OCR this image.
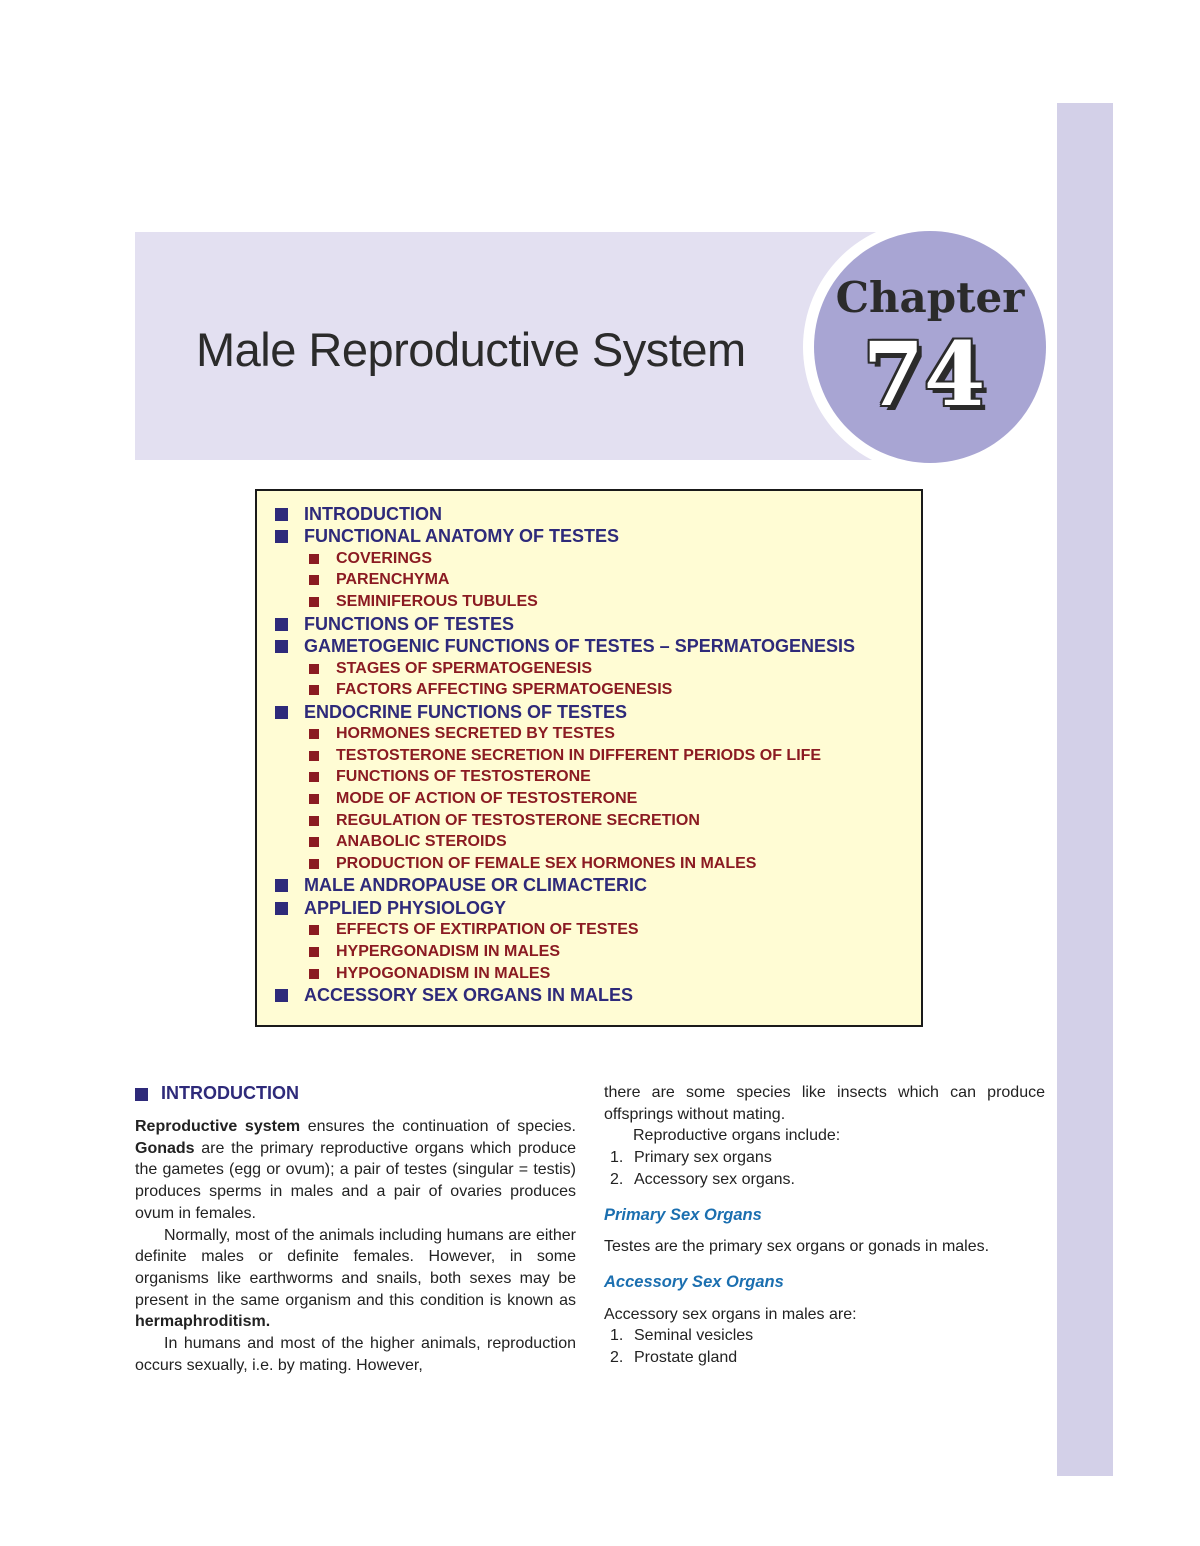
Male Reproductive System
Chapter
74
INTRODUCTION
FUNCTIONAL ANATOMY OF TESTES
COVERINGS
PARENCHYMA
SEMINIFEROUS TUBULES
FUNCTIONS OF TESTES
GAMETOGENIC FUNCTIONS OF TESTES – SPERMATOGENESIS
STAGES OF SPERMATOGENESIS
FACTORS AFFECTING SPERMATOGENESIS
ENDOCRINE FUNCTIONS OF TESTES
HORMONES SECRETED BY TESTES
TESTOSTERONE SECRETION IN DIFFERENT PERIODS OF LIFE
FUNCTIONS OF TESTOSTERONE
MODE OF ACTION OF TESTOSTERONE
REGULATION OF TESTOSTERONE SECRETION
ANABOLIC STEROIDS
PRODUCTION OF FEMALE SEX HORMONES IN MALES
MALE ANDROPAUSE OR CLIMACTERIC
APPLIED PHYSIOLOGY
EFFECTS OF EXTIRPATION OF TESTES
HYPERGONADISM IN MALES
HYPOGONADISM IN MALES
ACCESSORY SEX ORGANS IN MALES
INTRODUCTION

Reproductive system ensures the continuation of species. Gonads are the primary reproductive organs which produce the gametes (egg or ovum); a pair of testes (singular = testis) produces sperms in males and a pair of ovaries produces ovum in females.

Normally, most of the animals including humans are either definite males or definite females. However, in some organisms like earthworms and snails, both sexes may be present in the same organism and this condition is known as hermaphroditism.

In humans and most of the higher animals, reproduction occurs sexually, i.e. by mating. However,

there are some species like insects which can produce offsprings without mating.

Reproductive organs include:

1. Primary sex organs
2. Accessory sex organs.
Primary Sex Organs

Testes are the primary sex organs or gonads in males.

Accessory Sex Organs

Accessory sex organs in males are:

1. Seminal vesicles
2. Prostate gland
